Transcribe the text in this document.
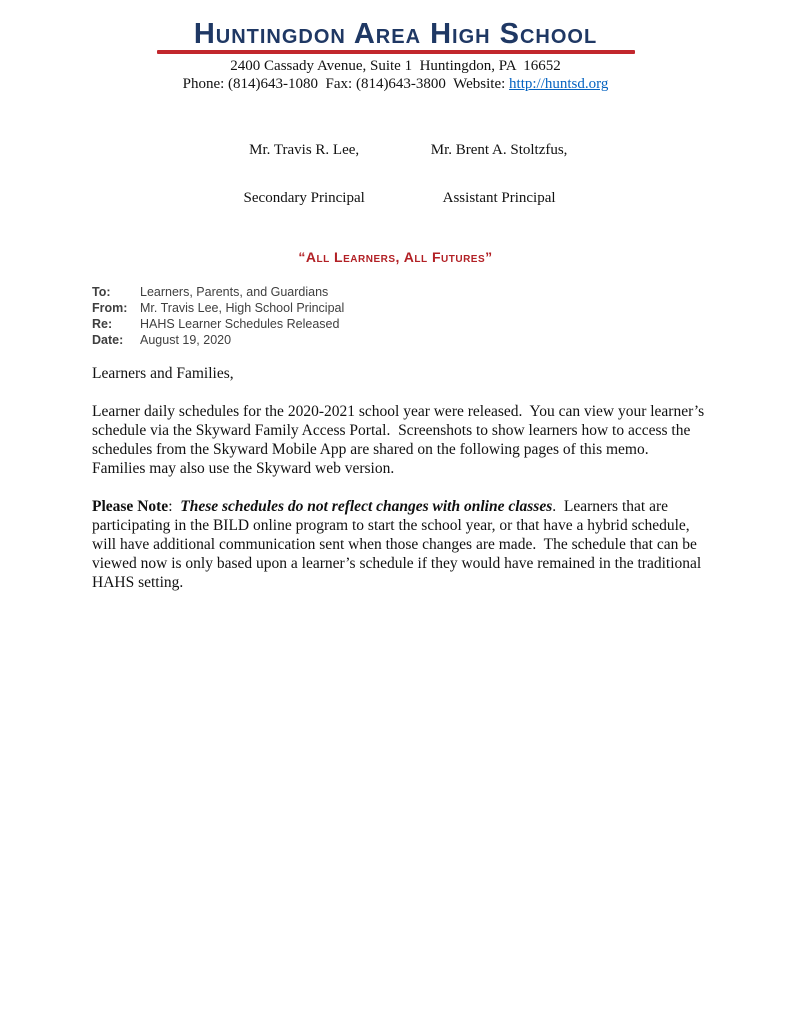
Huntingdon Area High School
2400 Cassady Avenue, Suite 1  Huntingdon, PA  16652
Phone: (814)643-1080  Fax: (814)643-3800  Website: http://huntsd.org

Mr. Travis R. Lee,

Secondary Principal

Mr. Brent A. Stoltzfus,

Assistant Principal

“All Learners, All Futures”
To: Learners, Parents, and Guardians
From: Mr. Travis Lee, High School Principal
Re: HAHS Learner Schedules Released
Date: August 19, 2020
Learners and Families,

Learner daily schedules for the 2020-2021 school year were released.  You can view your learner’s schedule via the Skyward Family Access Portal.  Screenshots to show learners how to access the schedules from the Skyward Mobile App are shared on the following pages of this memo.  Families may also use the Skyward web version.

Please Note:  These schedules do not reflect changes with online classes.  Learners that are participating in the BILD online program to start the school year, or that have a hybrid schedule, will have additional communication sent when those changes are made.  The schedule that can be viewed now is only based upon a learner’s schedule if they would have remained in the traditional HAHS setting.
